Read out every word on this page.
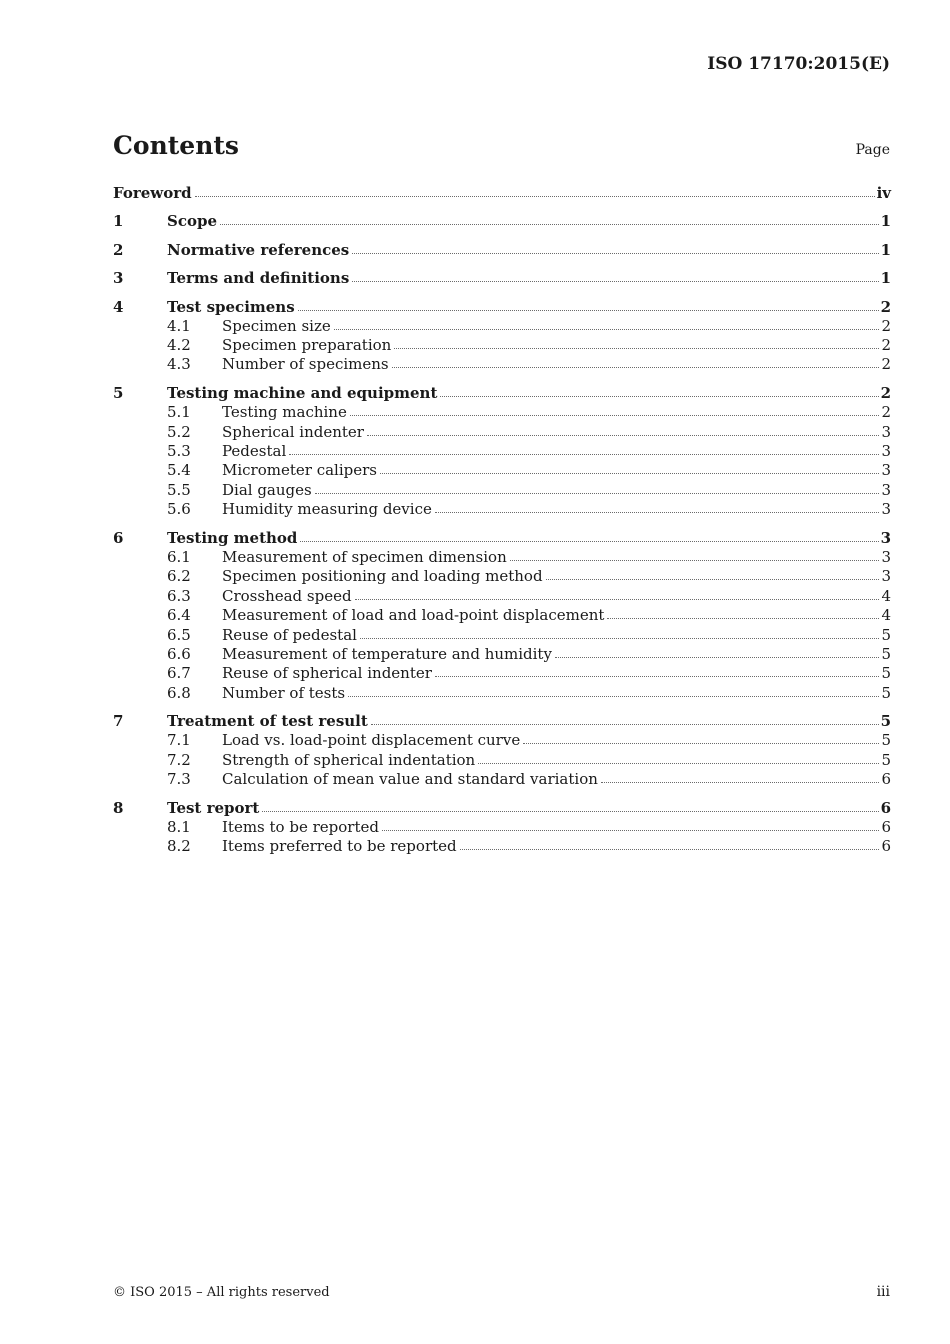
ISO 17170:2015(E)
Contents	Page
Foreword	iv
1	Scope	1
2	Normative references	1
3	Terms and definitions	1
4	Test specimens	2
4.1	Specimen size	2
4.2	Specimen preparation	2
4.3	Number of specimens	2
5	Testing machine and equipment	2
5.1	Testing machine	2
5.2	Spherical indenter	3
5.3	Pedestal	3
5.4	Micrometer calipers	3
5.5	Dial gauges	3
5.6	Humidity measuring device	3
6	Testing method	3
6.1	Measurement of specimen dimension	3
6.2	Specimen positioning and loading method	3
6.3	Crosshead speed	4
6.4	Measurement of load and load-point displacement	4
6.5	Reuse of pedestal	5
6.6	Measurement of temperature and humidity	5
6.7	Reuse of spherical indenter	5
6.8	Number of tests	5
7	Treatment of test result	5
7.1	Load vs. load-point displacement curve	5
7.2	Strength of spherical indentation	5
7.3	Calculation of mean value and standard variation	6
8	Test report	6
8.1	Items to be reported	6
8.2	Items preferred to be reported	6
© ISO 2015 – All rights reserved	iii
